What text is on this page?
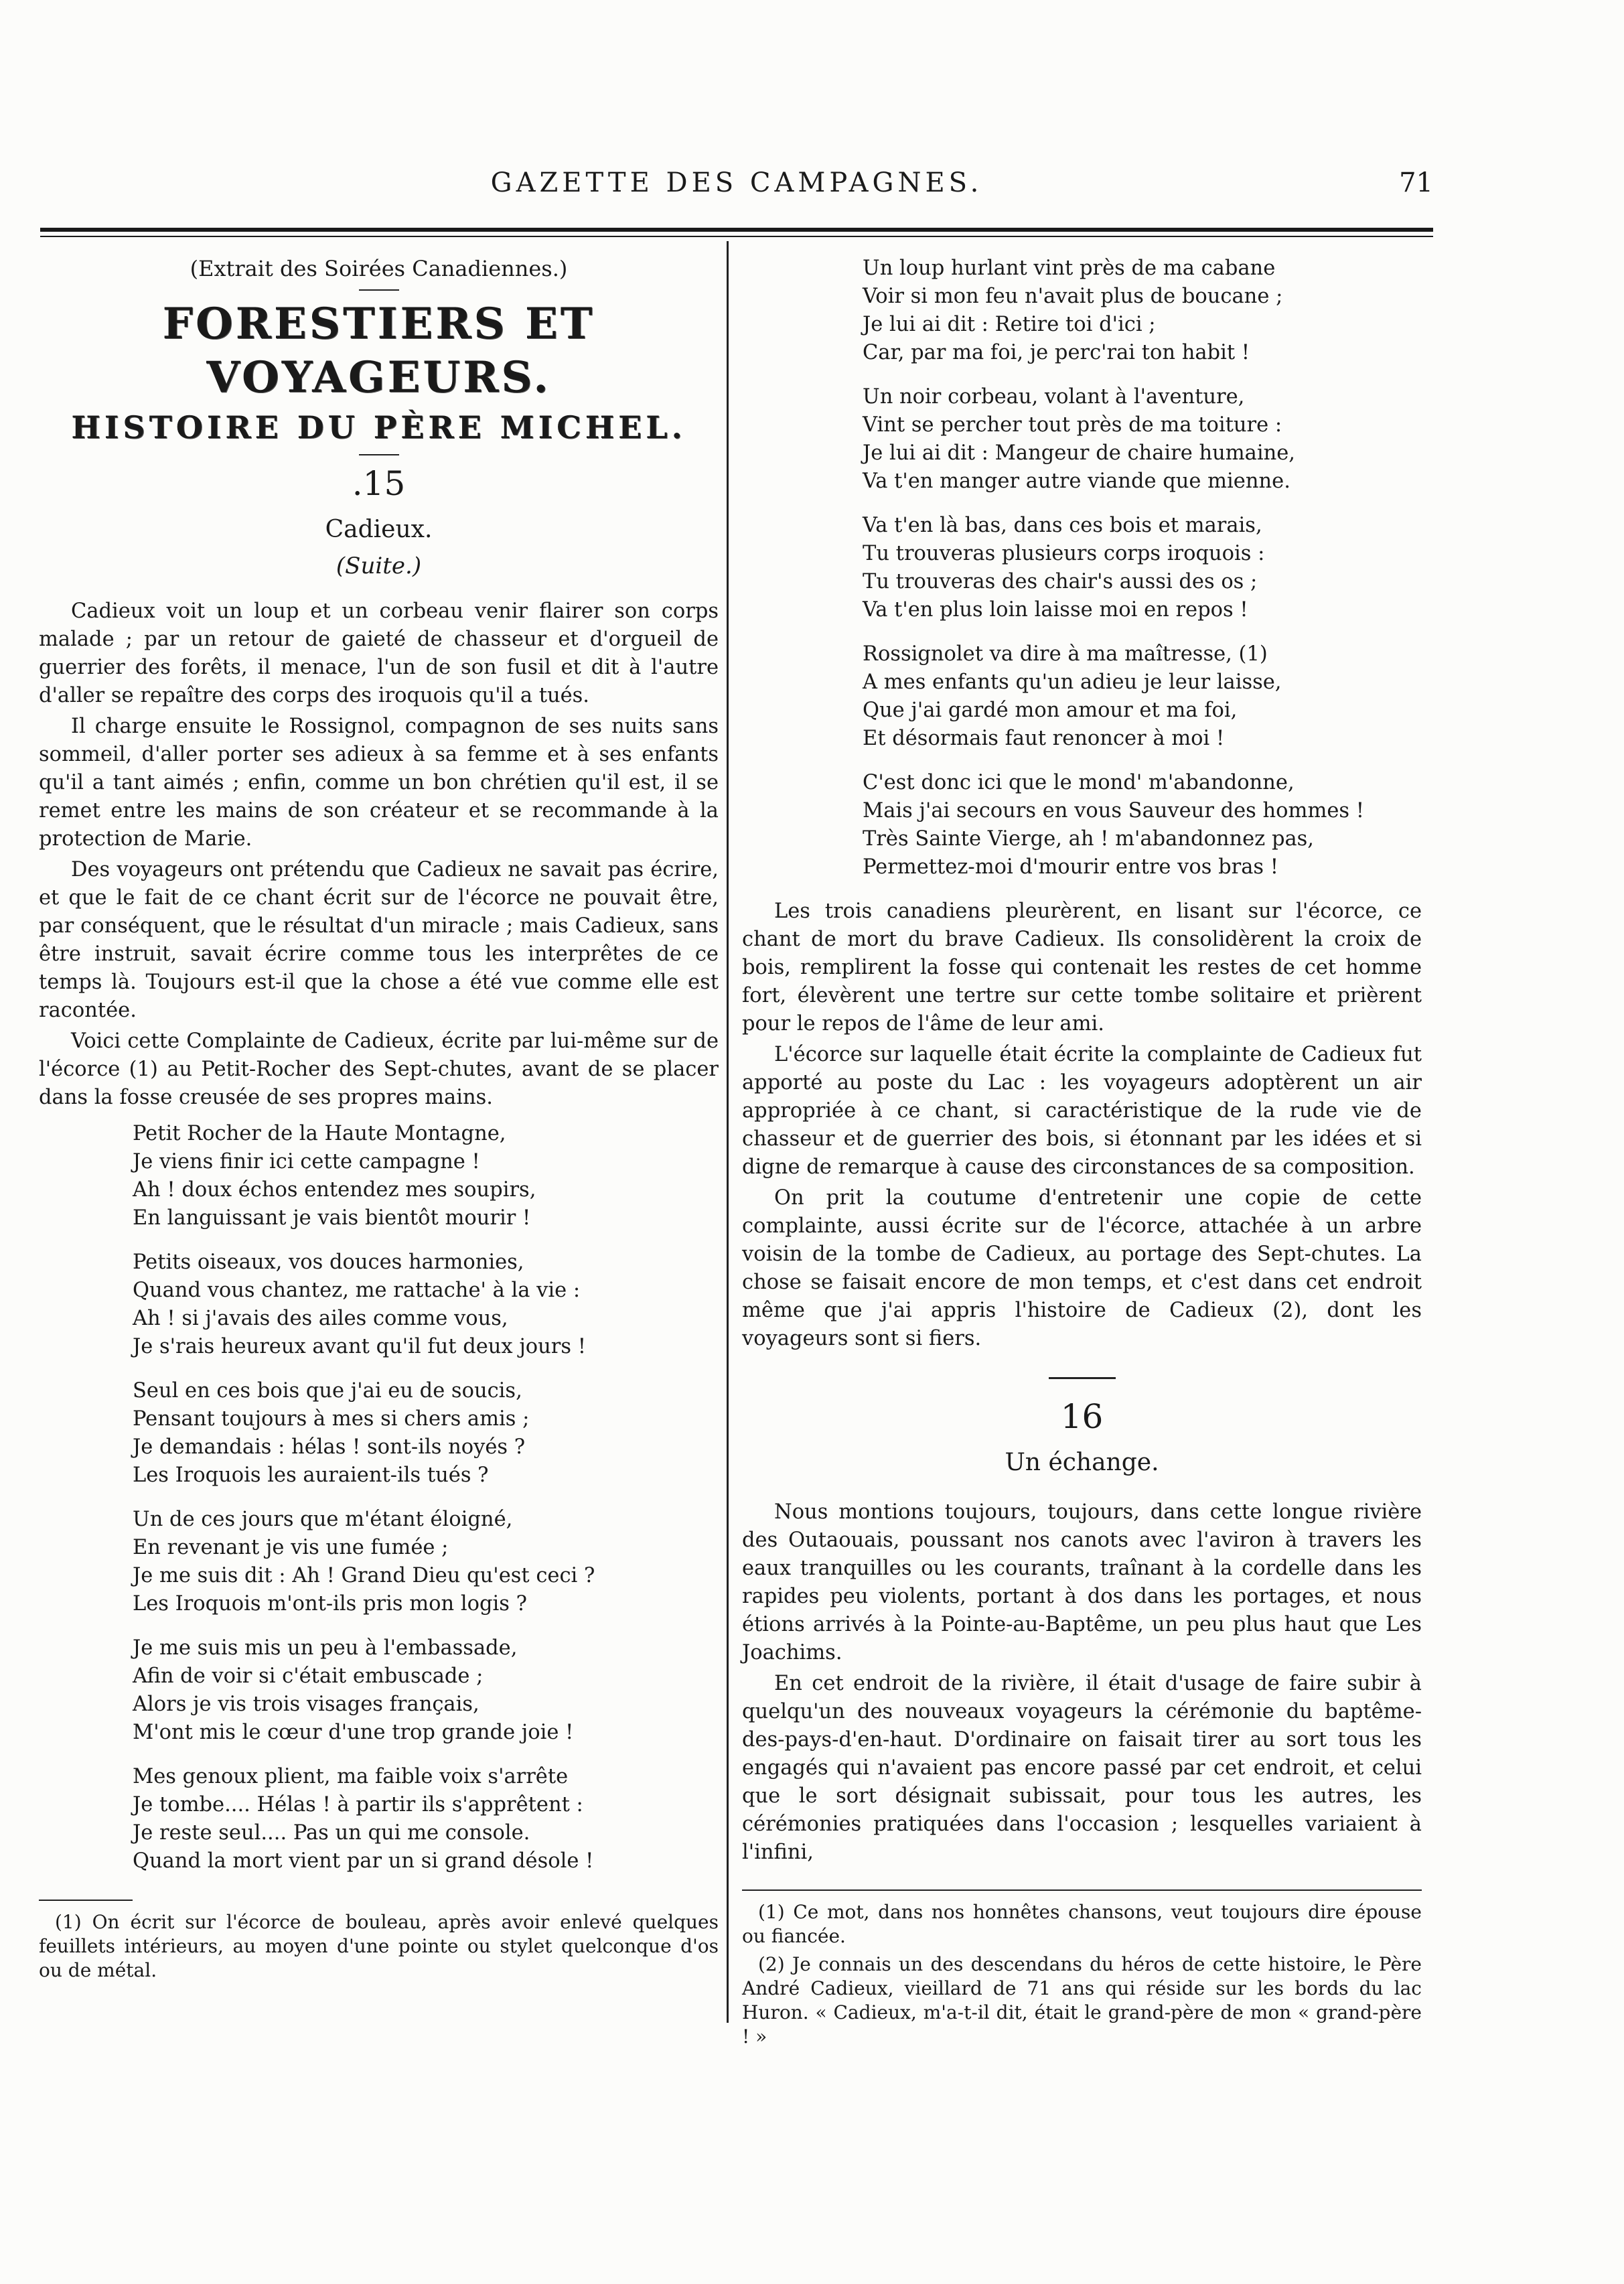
GAZETTE DES CAMPAGNES.	71
(Extrait des Soirées Canadiennes.)
FORESTIERS ET VOYAGEURS.
HISTOIRE DU PÈRE MICHEL.
.15
Cadieux.
(Suite.)

Cadieux voit un loup et un corbeau venir flairer son corps malade ; par un retour de gaieté de chasseur et d'orgueil de guerrier des forêts, il menace, l'un de son fusil et dit à l'autre d'aller se repaître des corps des iroquois qu'il a tués.

Il charge ensuite le Rossignol, compagnon de ses nuits sans sommeil, d'aller porter ses adieux à sa femme et à ses enfants qu'il a tant aimés ; enfin, comme un bon chrétien qu'il est, il se remet entre les mains de son créateur et se recommande à la protection de Marie.

Des voyageurs ont prétendu que Cadieux ne savait pas écrire, et que le fait de ce chant écrit sur de l'écorce ne pouvait être, par conséquent, que le résultat d'un miracle ; mais Cadieux, sans être instruit, savait écrire comme tous les interprêtes de ce temps là. Toujours est-il que la chose a été vue comme elle est racontée.

Voici cette Complainte de Cadieux, écrite par lui-même sur de l'écorce (1) au Petit-Rocher des Sept-chutes, avant de se placer dans la fosse creusée de ses propres mains.

Petit Rocher de la Haute Montagne,
Je viens finir ici cette campagne !
Ah ! doux échos entendez mes soupirs,
En languissant je vais bientôt mourir !
Petits oiseaux, vos douces harmonies,
Quand vous chantez, me rattache' à la vie :
Ah ! si j'avais des ailes comme vous,
Je s'rais heureux avant qu'il fut deux jours !
Seul en ces bois que j'ai eu de soucis,
Pensant toujours à mes si chers amis ;
Je demandais : hélas ! sont-ils noyés ?
Les Iroquois les auraient-ils tués ?
Un de ces jours que m'étant éloigné,
En revenant je vis une fumée ;
Je me suis dit : Ah ! Grand Dieu qu'est ceci ?
Les Iroquois m'ont-ils pris mon logis ?
Je me suis mis un peu à l'embassade,
Afin de voir si c'était embuscade ;
Alors je vis trois visages français,
M'ont mis le cœur d'une trop grande joie !
Mes genoux plient, ma faible voix s'arrête
Je tombe.... Hélas ! à partir ils s'apprêtent :
Je reste seul.... Pas un qui me console.
Quand la mort vient par un si grand désole !

(1) On écrit sur l'écorce de bouleau, après avoir enlevé quelques feuillets intérieurs, au moyen d'une pointe ou stylet quelconque d'os ou de métal.

Un loup hurlant vint près de ma cabane
Voir si mon feu n'avait plus de boucane ;
Je lui ai dit : Retire toi d'ici ;
Car, par ma foi, je perc'rai ton habit !
Un noir corbeau, volant à l'aventure,
Vint se percher tout près de ma toiture :
Je lui ai dit : Mangeur de chaire humaine,
Va t'en manger autre viande que mienne.
Va t'en là bas, dans ces bois et marais,
Tu trouveras plusieurs corps iroquois :
Tu trouveras des chair's aussi des os ;
Va t'en plus loin laisse moi en repos !
Rossignolet va dire à ma maîtresse, (1)
A mes enfants qu'un adieu je leur laisse,
Que j'ai gardé mon amour et ma foi,
Et désormais faut renoncer à moi !
C'est donc ici que le mond' m'abandonne,
Mais j'ai secours en vous Sauveur des hommes !
Très Sainte Vierge, ah ! m'abandonnez pas,
Permettez-moi d'mourir entre vos bras !

Les trois canadiens pleurèrent, en lisant sur l'écorce, ce chant de mort du brave Cadieux. Ils consolidèrent la croix de bois, remplirent la fosse qui contenait les restes de cet homme fort, élevèrent une tertre sur cette tombe solitaire et prièrent pour le repos de l'âme de leur ami.

L'écorce sur laquelle était écrite la complainte de Cadieux fut apporté au poste du Lac : les voyageurs adoptèrent un air appropriée à ce chant, si caractéristique de la rude vie de chasseur et de guerrier des bois, si étonnant par les idées et si digne de remarque à cause des circonstances de sa composition.

On prit la coutume d'entretenir une copie de cette complainte, aussi écrite sur de l'écorce, attachée à un arbre voisin de la tombe de Cadieux, au portage des Sept-chutes. La chose se faisait encore de mon temps, et c'est dans cet endroit même que j'ai appris l'histoire de Cadieux (2), dont les voyageurs sont si fiers.

16
Un échange.

Nous montions toujours, toujours, dans cette longue rivière des Outaouais, poussant nos canots avec l'aviron à travers les eaux tranquilles ou les courants, traînant à la cordelle dans les rapides peu violents, portant à dos dans les portages, et nous étions arrivés à la Pointe-au-Baptême, un peu plus haut que Les Joachims.

En cet endroit de la rivière, il était d'usage de faire subir à quelqu'un des nouveaux voyageurs la cérémonie du baptême-des-pays-d'en-haut. D'ordinaire on faisait tirer au sort tous les engagés qui n'avaient pas encore passé par cet endroit, et celui que le sort désignait subissait, pour tous les autres, les cérémonies pratiquées dans l'occasion ; lesquelles variaient à l'infini,

(1) Ce mot, dans nos honnêtes chansons, veut toujours dire épouse ou fiancée.

(2) Je connais un des descendans du héros de cette histoire, le Père André Cadieux, vieillard de 71 ans qui réside sur les bords du lac Huron. « Cadieux, m'a-t-il dit, était le grand-père de mon « grand-père ! »
